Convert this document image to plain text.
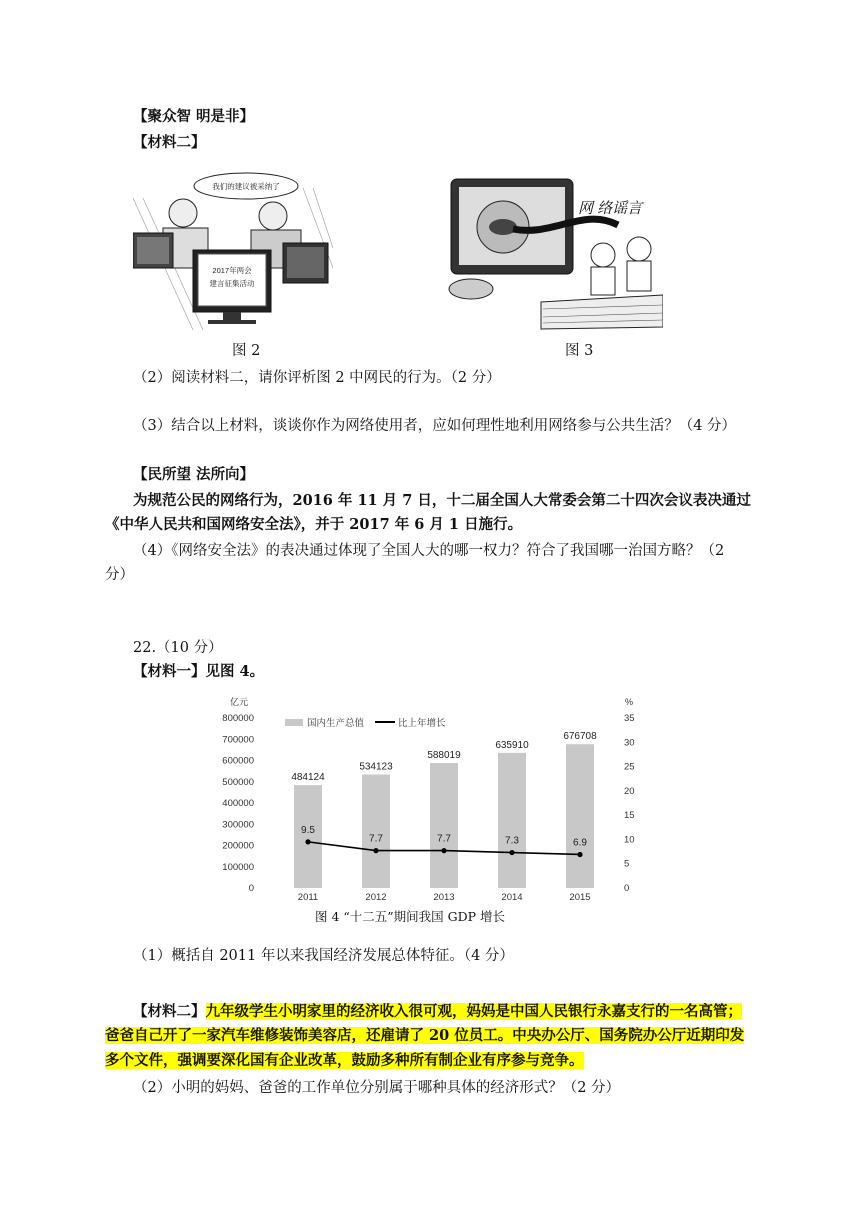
【聚众智 明是非】
【材料二】
我们的建议被采纳了
2017年两会
建言征集活动
网 络谣言
图 2	图 3
（2）阅读材料二，请你评析图 2 中网民的行为。（2 分）
（3）结合以上材料，谈谈你作为网络使用者，应如何理性地利用网络参与公共生活？（4 分）
【民所望 法所向】
为规范公民的网络行为，2016 年 11 月 7 日，十二届全国人大常委会第二十四次会议表决通过
《中华人民共和国网络安全法》，并于 2017 年 6 月 1 日施行。
（4）《网络安全法》的表决通过体现了全国人大的哪一权力？符合了我国哪一治国方略？（2
分）
22.（10 分）
【材料一】见图 4。
亿元	%
国内生产总值	比上年增长
800000
700000
600000
500000
400000
300000
200000
100000
0
35
30
25
20
15
10
5
0
484124
2011
534123
2012
588019
2013
635910
2014
676708
2015
9.5
7.7	7.7	7.3	6.9
图 4 “十二五”期间我国 GDP 增长
（1）概括自 2011 年以来我国经济发展总体特征。（4 分）
【材料二】九年级学生小明家里的经济收入很可观，妈妈是中国人民银行永嘉支行的一名高管；
爸爸自己开了一家汽车维修装饰美容店，还雇请了 20 位员工。中央办公厅、国务院办公厅近期印发
多个文件，强调要深化国有企业改革，鼓励多种所有制企业有序参与竞争。
（2）小明的妈妈、爸爸的工作单位分别属于哪种具体的经济形式？（2 分）
